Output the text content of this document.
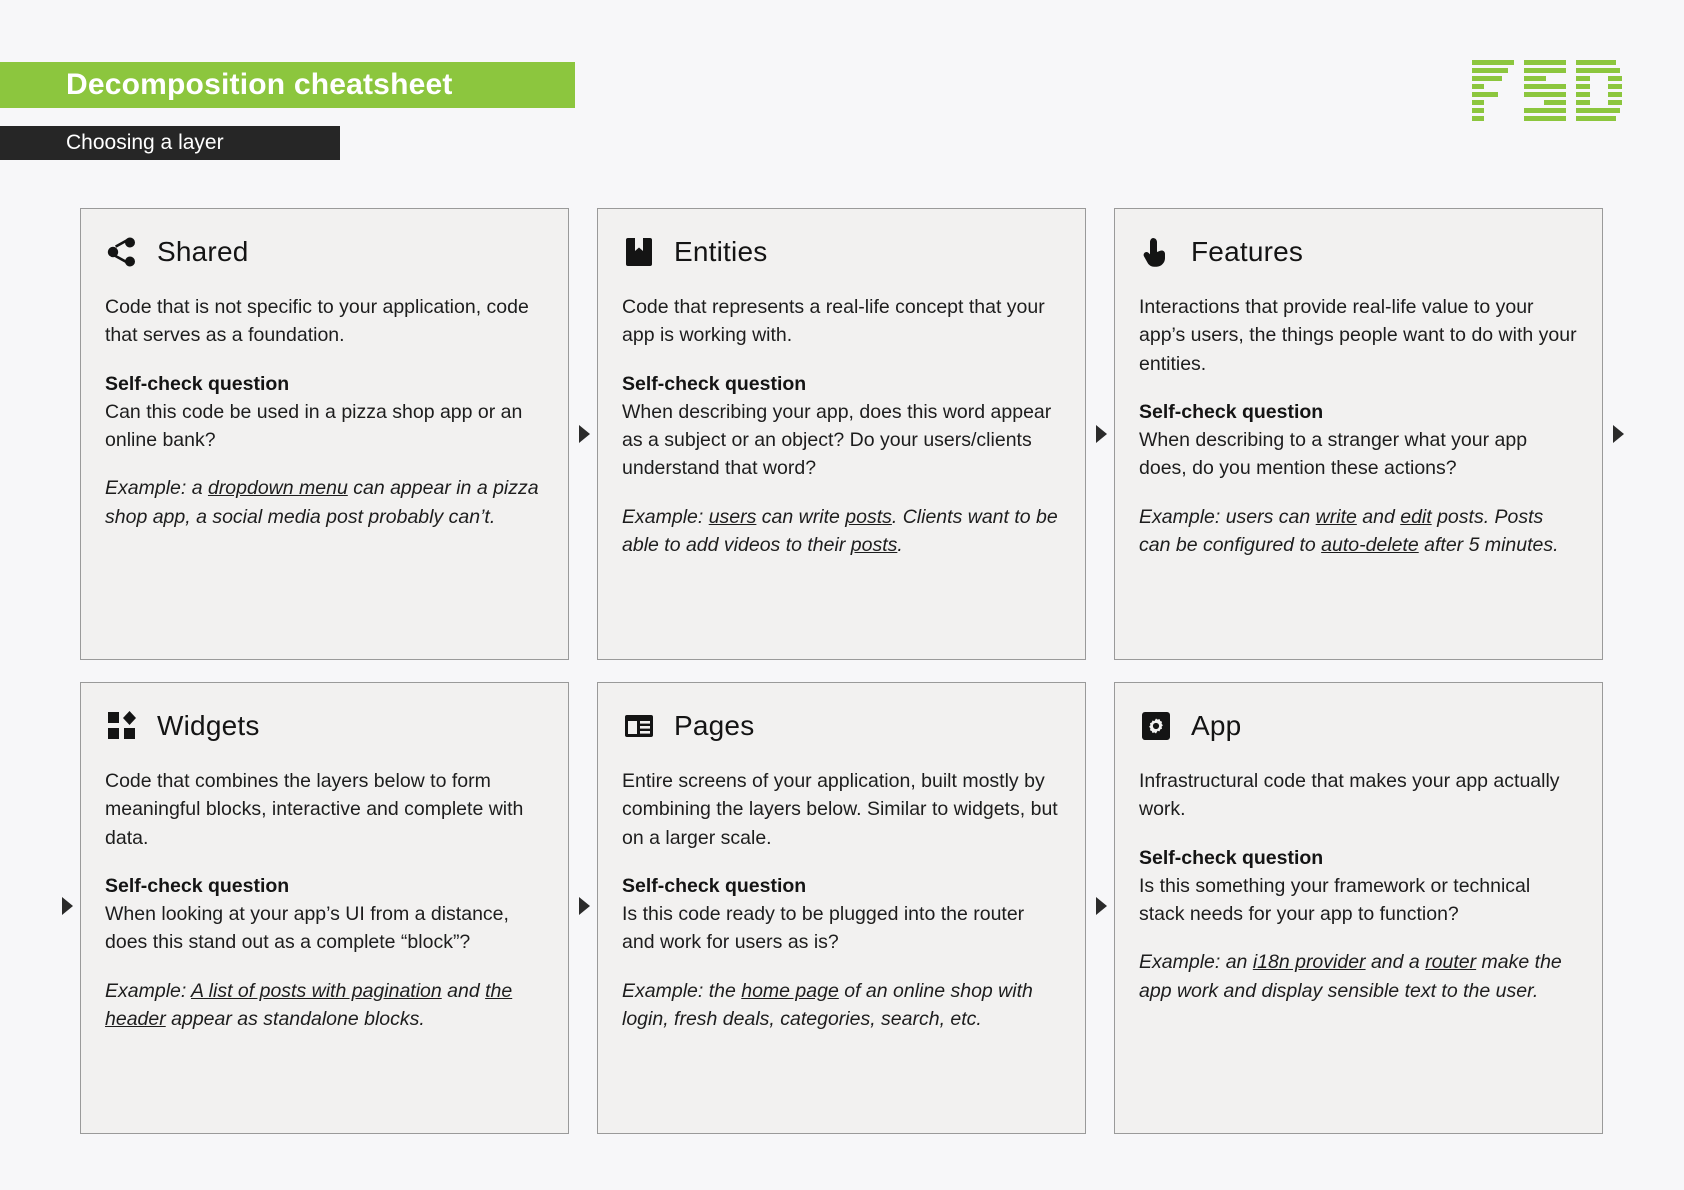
Decomposition cheatsheet
Choosing a layer
Shared

Code that is not specific to your application, code that serves as a foundation.

Self-check question

Can this code be used in a pizza shop app or an online bank?

Example: a dropdown menu can appear in a pizza shop app, a social media post probably can’t.

Entities

Code that represents a real-life concept that your app is working with.

Self-check question

When describing your app, does this word appear as a subject or an object? Do your users/clients understand that word?

Example: users can write posts. Clients want to be able to add videos to their posts.

Features

Interactions that provide real-life value to your app’s users, the things people want to do with your entities.

Self-check question

When describing to a stranger what your app does, do you mention these actions?

Example: users can write and edit posts. Posts can be configured to auto-delete after 5 minutes.

Widgets

Code that combines the layers below to form meaningful blocks, interactive and complete with data.

Self-check question

When looking at your app’s UI from a distance, does this stand out as a complete “block”?

Example: A list of posts with pagination and the header appear as standalone blocks.

Pages

Entire screens of your application, built mostly by combining the layers below. Similar to widgets, but on a larger scale.

Self-check question

Is this code ready to be plugged into the router and work for users as is?

Example: the home page of an online shop with login, fresh deals, categories, search, etc.

App

Infrastructural code that makes your app actually work.

Self-check question

Is this something your framework or technical stack needs for your app to function?

Example: an i18n provider and a router make the app work and display sensible text to the user.
